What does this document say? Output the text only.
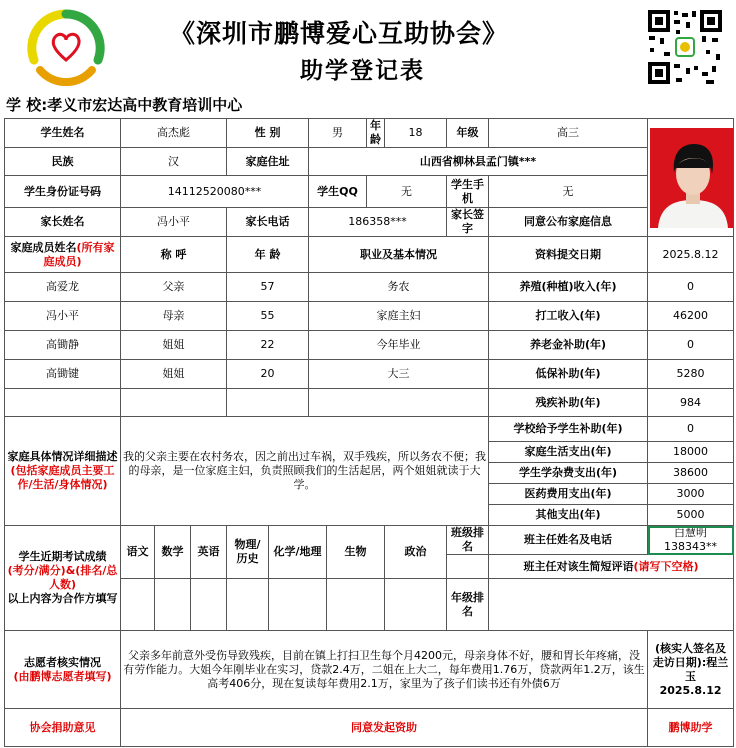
《深圳市鹏博爱心互助协会》
助学登记表
学 校:孝义市宏达高中教育培训中心
学生姓名	高杰彪			性 别		男		年龄	18	年级	高三	

民族	汉			家庭住址		山西省柳林县孟门镇***						
学生身份证号码	14112520080***					学生QQ		无		学生手机	无	
家长姓名	冯小平			家长电话		186358***				家长签字	同意公布家庭信息	
家庭成员姓名(所有家庭成员)	称 呼			年 龄		职业及基本情况					资料提交日期	2025.8.12
高爱龙	父亲			57		务农					养殖(种植)收入(年)	0
冯小平	母亲			55		家庭主妇					打工收入(年)	46200
高锄静	姐姐			22		今年毕业					养老金补助(年)	0
高锄键	姐姐			20		大三					低保补助(年)	5280
											残疾补助(年)	984
家庭具体情况详细描述(包括家庭成员主要工作/生活/身体情况)	我的父亲主要在农村务农，因之前出过车祸，双手残疾，所以务农不便；我的母亲，是一位家庭主妇，负责照顾我们的生活起居，两个姐姐就读于大学。										学校给予学生补助(年)	0
											家庭生活支出(年)	18000
											学生学杂费支出(年)	38600
											医药费用支出(年)	3000
											其他支出(年)	5000
学生近期考试成绩
(考分/满分)&(排名/总人数)
以上内容为合作方填写	语文	数学	英语	物理/历史	化学/地理		生物		政治	班级排名	班主任姓名及电话	白慧明138343**
											班主任对该生简短评语(请写下空格)	
										年级排名		
志愿者核实情况
(由鹏博志愿者填写)	父亲多年前意外受伤导致残疾，目前在镇上打扫卫生每个月4200元，母亲身体不好，腰和胃长年疼痛，没有劳作能力。大姐今年刚毕业在实习，贷款2.4万，二姐在上大二，每年费用1.76万，贷款两年1.2万，该生高考406分，现在复读每年费用2.1万，家里为了孩子们读书还有外债6万											(核实人签名及走访日期):程兰玉
2025.8.12
协会捐助意见	同意发起资助											鹏博助学
